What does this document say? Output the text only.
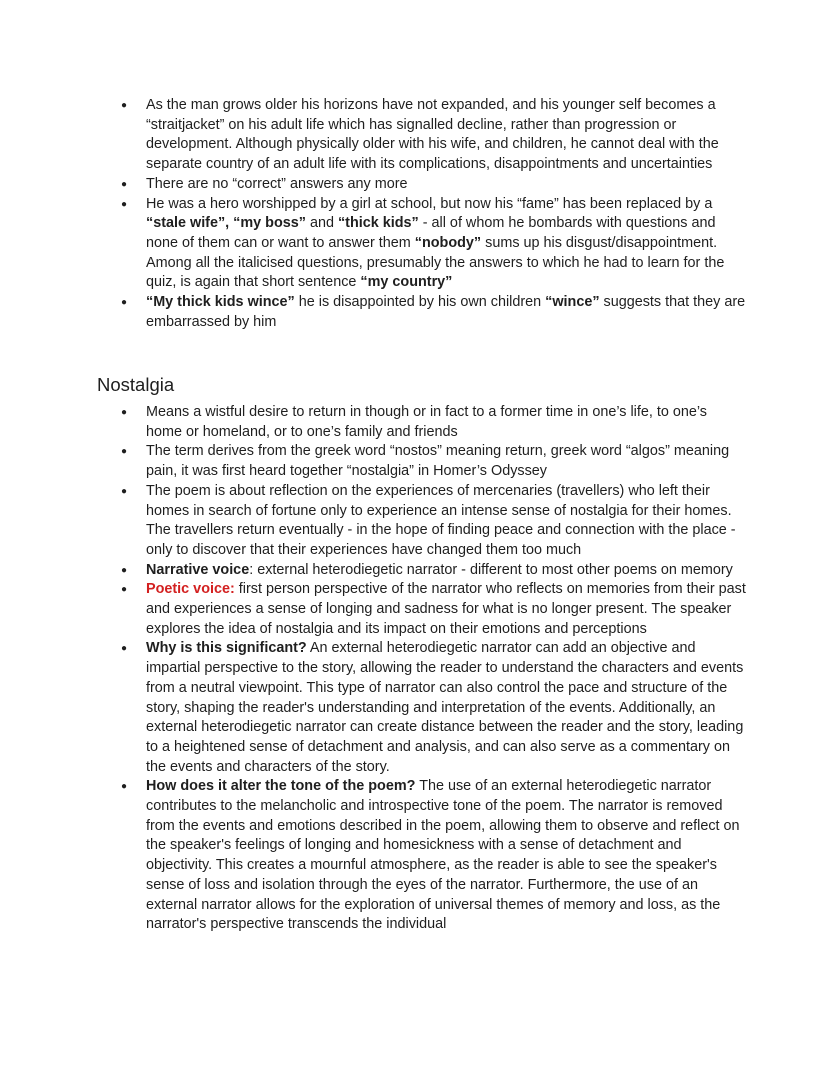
● As the man grows older his horizons have not expanded, and his younger self becomes a “straitjacket” on his adult life which has signalled decline, rather than progression or development. Although physically older with his wife, and children, he cannot deal with the separate country of an adult life with its complications, disappointments and uncertainties
● There are no “correct” answers any more
● He was a hero worshipped by a girl at school, but now his “fame” has been replaced by a “stale wife”, “my boss” and “thick kids” - all of whom he bombards with questions and none of them can or want to answer them “nobody” sums up his disgust/disappointment. Among all the italicised questions, presumably the answers to which he had to learn for the quiz, is again that short sentence “my country”
● “My thick kids wince” he is disappointed by his own children “wince” suggests that they are embarrassed by him
Nostalgia
● Means a wistful desire to return in though or in fact to a former time in one’s life, to one’s home or homeland, or to one’s family and friends
● The term derives from the greek word “nostos” meaning return, greek word “algos” meaning pain, it was first heard together “nostalgia” in Homer’s Odyssey
● The poem is about reflection on the experiences of mercenaries (travellers) who left their homes in search of fortune only to experience an intense sense of nostalgia for their homes. The travellers return eventually - in the hope of finding peace and connection with the place - only to discover that their experiences have changed them too much
● Narrative voice: external heterodiegetic narrator - different to most other poems on memory
● Poetic voice: first person perspective of the narrator who reflects on memories from their past and experiences a sense of longing and sadness for what is no longer present. The speaker explores the idea of nostalgia and its impact on their emotions and perceptions
● Why is this significant? An external heterodiegetic narrator can add an objective and impartial perspective to the story, allowing the reader to understand the characters and events from a neutral viewpoint. This type of narrator can also control the pace and structure of the story, shaping the reader's understanding and interpretation of the events. Additionally, an external heterodiegetic narrator can create distance between the reader and the story, leading to a heightened sense of detachment and analysis, and can also serve as a commentary on the events and characters of the story.
● How does it alter the tone of the poem? The use of an external heterodiegetic narrator contributes to the melancholic and introspective tone of the poem. The narrator is removed from the events and emotions described in the poem, allowing them to observe and reflect on the speaker's feelings of longing and homesickness with a sense of detachment and objectivity. This creates a mournful atmosphere, as the reader is able to see the speaker's sense of loss and isolation through the eyes of the narrator. Furthermore, the use of an external narrator allows for the exploration of universal themes of memory and loss, as the narrator's perspective transcends the individual
